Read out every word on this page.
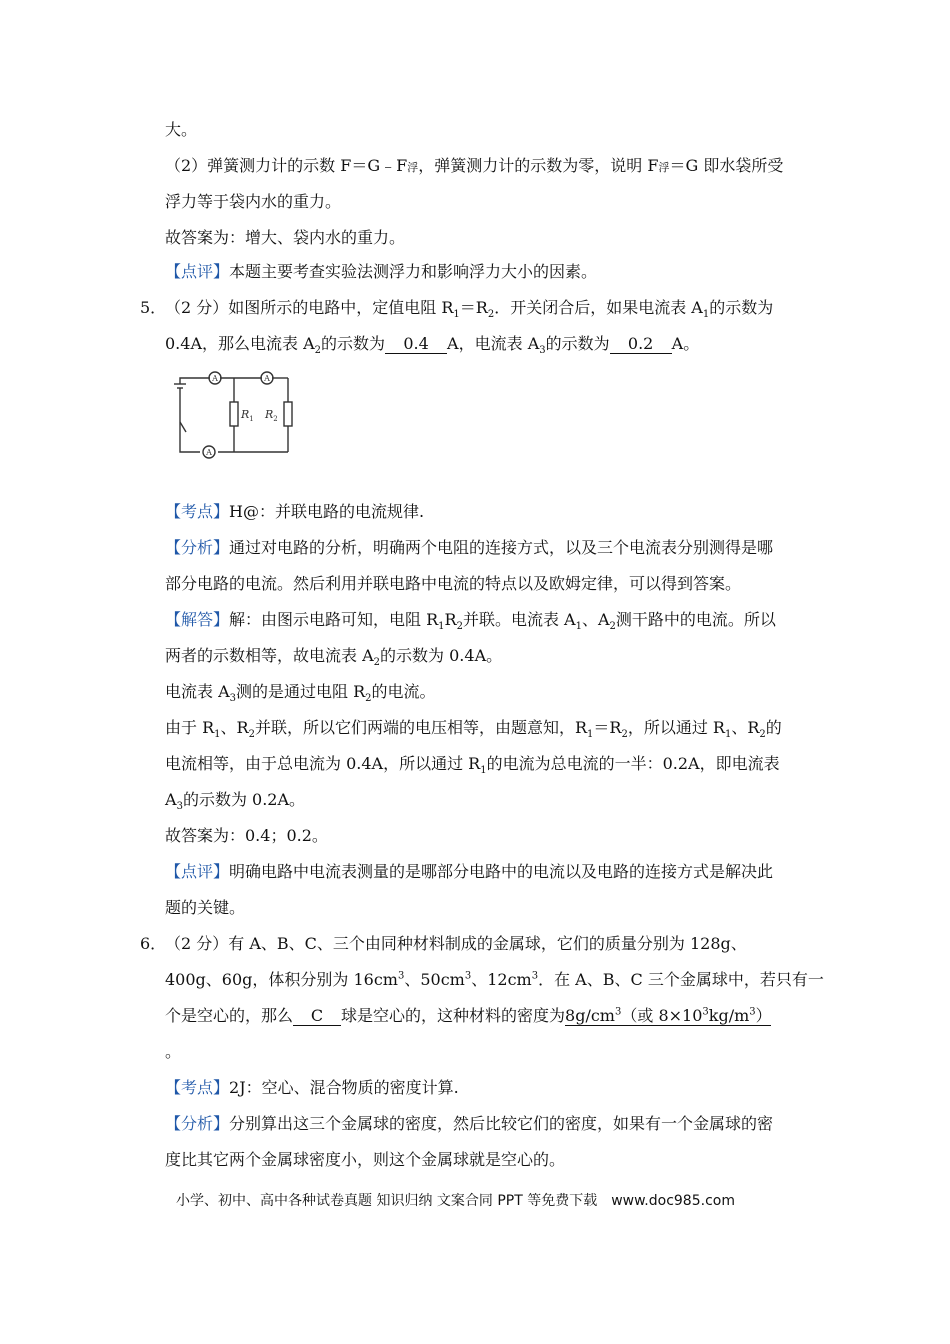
大。
（2）弹簧测力计的示数 F＝G﹣F浮，弹簧测力计的示数为零，说明 F浮＝G 即水袋所受
浮力等于袋内水的重力。
故答案为：增大、袋内水的重力。
【点评】本题主要考查实验法测浮力和影响浮力大小的因素。
5．
（2 分）如图所示的电路中，定值电阻 $R_1=R_2$．开关闭合后，如果电流表 $A_1$的示数为
0.4A，那么电流表 $A_2$的示数为 0.4 A，电流表 $A_3$的示数为 0.2 A。
A	A
A
$R_1$ $R_2$
【考点】H@：并联电路的电流规律.
【分析】通过对电路的分析，明确两个电阻的连接方式，以及三个电流表分别测得是哪
部分电路的电流。然后利用并联电路中电流的特点以及欧姆定律，可以得到答案。
【解答】解：由图示电路可知，电阻 $R_1R_2$并联。电流表 $A_1$、$A_2$测干路中的电流。所以
两者的示数相等，故电流表 $A_2$的示数为 0.4A。
电流表 $A_3$测的是通过电阻 $R_2$的电流。
由于 $R_1$、$R_2$并联，所以它们两端的电压相等，由题意知，$R_1=R_2$，所以通过 $R_1$、$R_2$的
电流相等，由于总电流为 0.4A，所以通过 $R_1$的电流为总电流的一半：0.2A，即电流表
$A_3$的示数为 0.2A。
故答案为：0.4；0.2。
【点评】明确电路中电流表测量的是哪部分电路中的电流以及电路的连接方式是解决此
题的关键。
6．
（2 分）有 A、B、C、三个由同种材料制成的金属球，它们的质量分别为 128g、
400g、60g，体积分别为 $16cm^3$、$50cm^3$、$12cm^3$．在 A、B、C 三个金属球中，若只有一
个是空心的，那么 C 球是空心的，这种材料的密度为$8g/cm^3$（或 $8\times 10^3kg/m^3$）
。
【考点】2J：空心、混合物质的密度计算.
【分析】分别算出这三个金属球的密度，然后比较它们的密度，如果有一个金属球的密
度比其它两个金属球密度小，则这个金属球就是空心的。
小学、初中、高中各种试卷真题 知识归纳 文案合同 PPT 等免费下载　www.doc985.com
